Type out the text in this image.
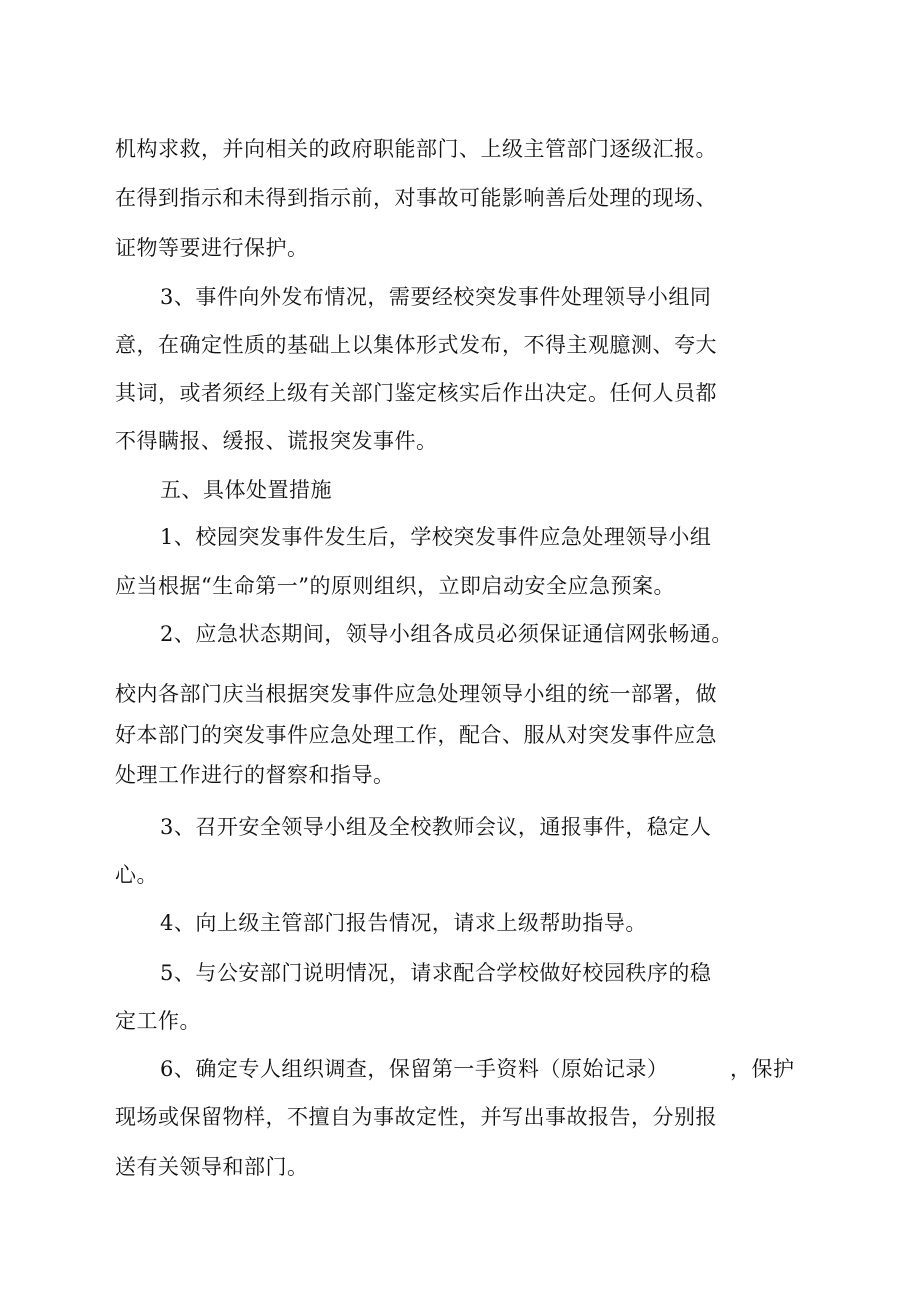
机构求救，并向相关的政府职能部门、上级主管部门逐级汇报。
在得到指示和未得到指示前，对事故可能影响善后处理的现场、
证物等要进行保护。
3、事件向外发布情况，需要经校突发事件处理领导小组同
意，在确定性质的基础上以集体形式发布，不得主观臆测、夸大
其词，或者须经上级有关部门鉴定核实后作出决定。任何人员都
不得瞒报、缓报、谎报突发事件。
五、具体处置措施
1、校园突发事件发生后，学校突发事件应急处理领导小组
应当根据“生命第一”的原则组织，立即启动安全应急预案。
2、应急状态期间，领导小组各成员必须保证通信网张畅通。
校内各部门庆当根据突发事件应急处理领导小组的统一部署，做
好本部门的突发事件应急处理工作，配合、服从对突发事件应急
处理工作进行的督察和指导。
3、召开安全领导小组及全校教师会议，通报事件，稳定人
心。
4、向上级主管部门报告情况，请求上级帮助指导。
5、与公安部门说明情况，请求配合学校做好校园秩序的稳
定工作。
6、确定专人组织调查，保留第一手资料（原始记录）	，保护
现场或保留物样，不擅自为事故定性，并写出事故报告，分别报
送有关领导和部门。
